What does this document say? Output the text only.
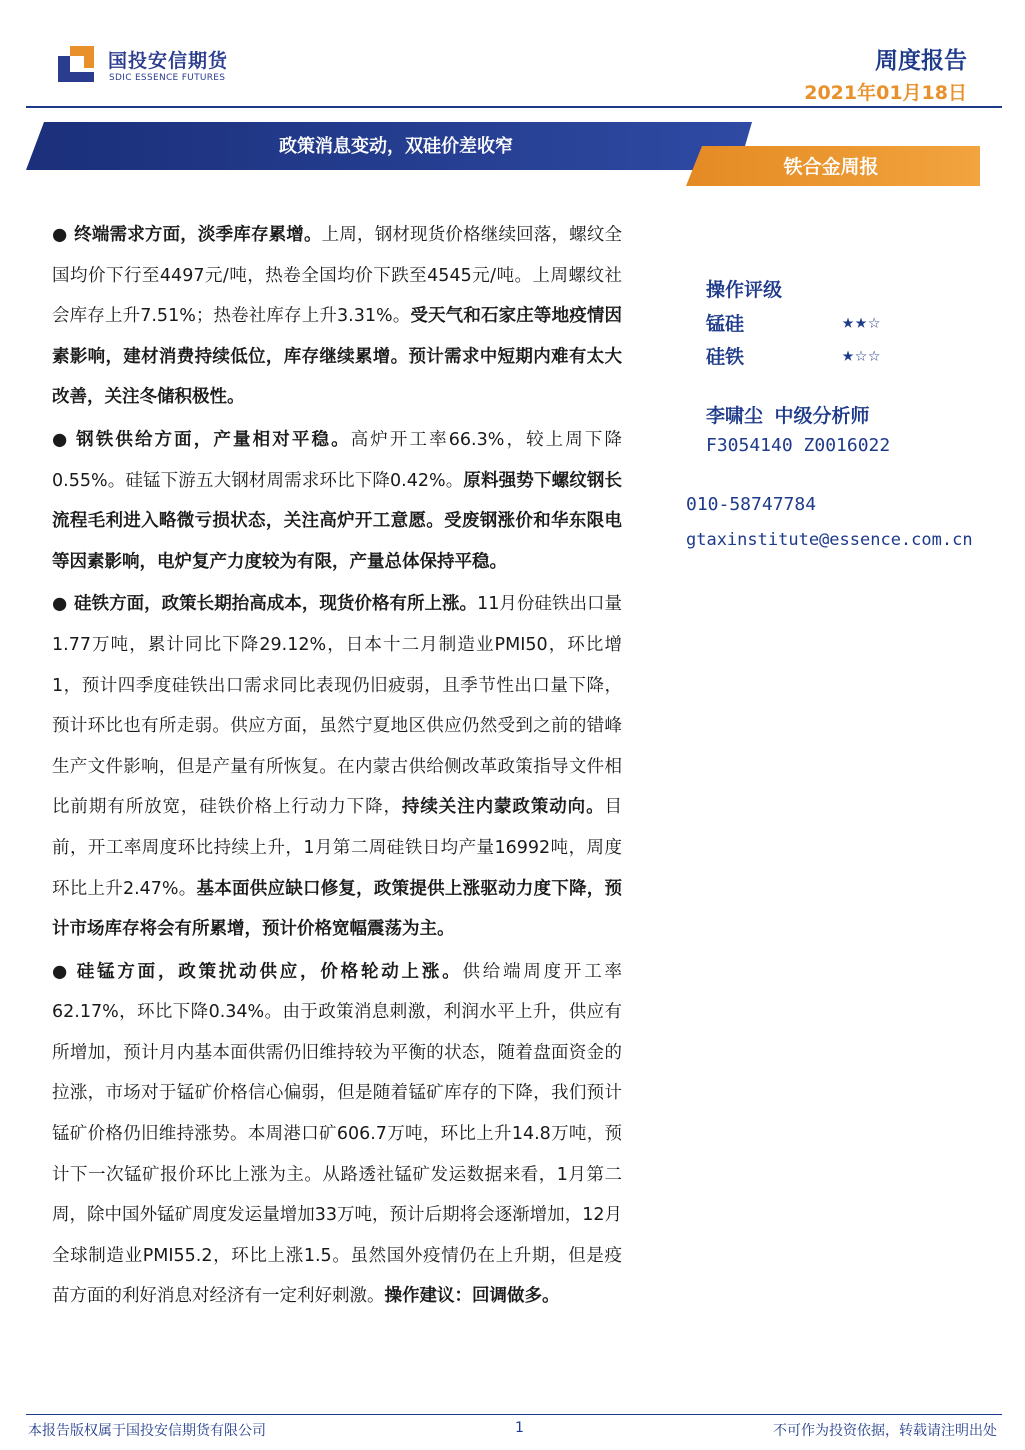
国投安信期货
SDIC ESSENCE FUTURES
周度报告
2021年01月18日
政策消息变动，双硅价差收窄
铁合金周报
● 终端需求方面，淡季库存累增。上周，钢材现货价格继续回落，螺纹全国均价下行至4497元/吨，热卷全国均价下跌至4545元/吨。上周螺纹社会库存上升7.51%；热卷社库存上升3.31%。受天气和石家庄等地疫情因素影响，建材消费持续低位，库存继续累增。预计需求中短期内难有太大改善，关注冬储积极性。
● 钢铁供给方面，产量相对平稳。高炉开工率66.3%，较上周下降0.55%。硅锰下游五大钢材周需求环比下降0.42%。原料强势下螺纹钢长流程毛利进入略微亏损状态，关注高炉开工意愿。受废钢涨价和华东限电等因素影响，电炉复产力度较为有限，产量总体保持平稳。
● 硅铁方面，政策长期抬高成本，现货价格有所上涨。11月份硅铁出口量1.77万吨，累计同比下降29.12%，日本十二月制造业PMI50，环比增1，预计四季度硅铁出口需求同比表现仍旧疲弱，且季节性出口量下降，预计环比也有所走弱。供应方面，虽然宁夏地区供应仍然受到之前的错峰生产文件影响，但是产量有所恢复。在内蒙古供给侧改革政策指导文件相比前期有所放宽，硅铁价格上行动力下降，持续关注内蒙政策动向。目前，开工率周度环比持续上升，1月第二周硅铁日均产量16992吨，周度环比上升2.47%。基本面供应缺口修复，政策提供上涨驱动力度下降，预计市场库存将会有所累增，预计价格宽幅震荡为主。
● 硅锰方面，政策扰动供应，价格轮动上涨。供给端周度开工率62.17%，环比下降0.34%。由于政策消息刺激，利润水平上升，供应有所增加，预计月内基本面供需仍旧维持较为平衡的状态，随着盘面资金的拉涨，市场对于锰矿价格信心偏弱，但是随着锰矿库存的下降，我们预计锰矿价格仍旧维持涨势。本周港口矿606.7万吨，环比上升14.8万吨，预计下一次锰矿报价环比上涨为主。从路透社锰矿发运数据来看，1月第二周，除中国外锰矿周度发运量增加33万吨，预计后期将会逐渐增加，12月全球制造业PMI55.2，环比上涨1.5。虽然国外疫情仍在上升期，但是疫苗方面的利好消息对经济有一定利好刺激。操作建议：回调做多。
操作评级
锰硅	★★☆
硅铁	★☆☆
李啸尘 中级分析师
F3054140 Z0016022
010-58747784
gtaxinstitute@essence.com.cn
本报告版权属于国投安信期货有限公司	1	不可作为投资依据，转载请注明出处
